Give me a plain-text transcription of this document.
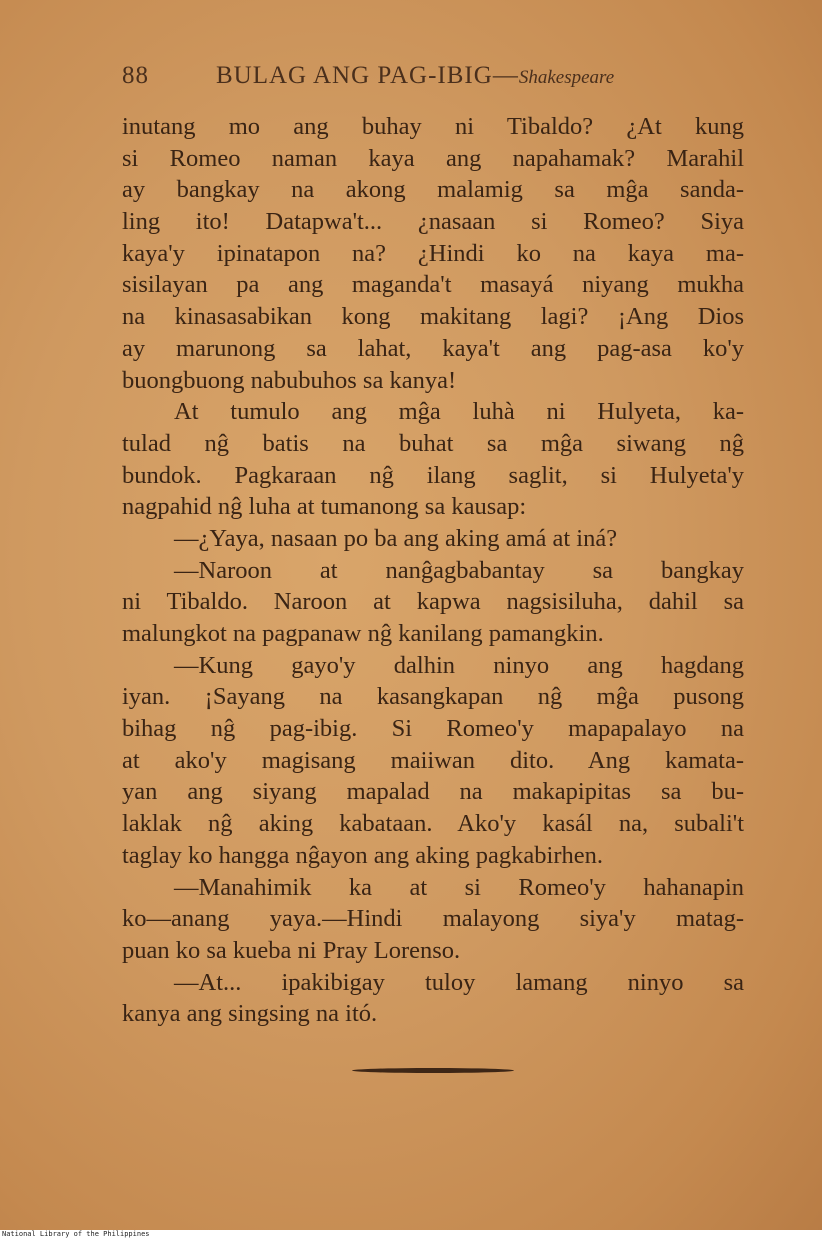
88	BULAG ANG PAG-IBIG—Shakespeare
inutang mo ang buhay ni Tibaldo? ¿At kung
si Romeo naman kaya ang napahamak? Marahil
ay bangkay na akong malamig sa mĝa sanda-
ling ito! Datapwa't... ¿nasaan si Romeo? Siya
kaya'y ipinatapon na? ¿Hindi ko na kaya ma-
sisilayan pa ang maganda't masayá niyang mukha
na kinasasabikan kong makitang lagi? ¡Ang Dios
ay marunong sa lahat, kaya't ang pag-asa ko'y
buongbuong nabubuhos sa kanya!
At tumulo ang mĝa luhà ni Hulyeta, ka-
tulad nĝ batis na buhat sa mĝa siwang nĝ
bundok. Pagkaraan nĝ ilang saglit, si Hulyeta'y
nagpahid nĝ luha at tumanong sa kausap:
—¿Yaya, nasaan po ba ang aking amá at iná?
—Naroon at nanĝagbabantay sa bangkay
ni Tibaldo. Naroon at kapwa nagsisiluha, dahil sa
malungkot na pagpanaw nĝ kanilang pamangkin.
—Kung gayo'y dalhin ninyo ang hagdang
iyan. ¡Sayang na kasangkapan nĝ mĝa pusong
bihag nĝ pag-ibig. Si Romeo'y mapapalayo na
at ako'y magisang maiiwan dito. Ang kamata-
yan ang siyang mapalad na makapipitas sa bu-
laklak nĝ aking kabataan. Ako'y kasál na, subali't
taglay ko hangga nĝayon ang aking pagkabirhen.
—Manahimik ka at si Romeo'y hahanapin
ko—anang yaya.—Hindi malayong siya'y matag-
puan ko sa kueba ni Pray Lorenso.
—At... ipakibigay tuloy lamang ninyo sa
kanya ang singsing na itó.
National Library of the Philippines
